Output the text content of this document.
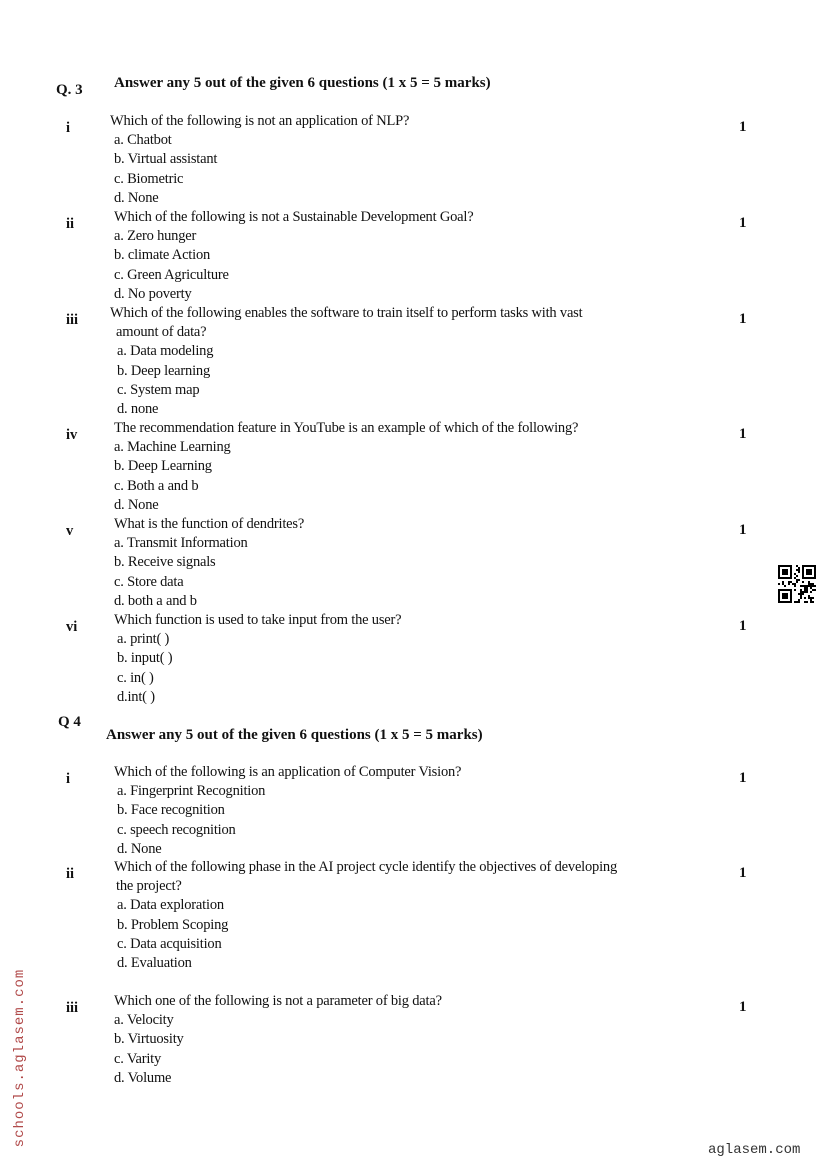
Q. 3 Answer any 5 out of the given 6 questions (1 x 5 = 5 marks)
i	1
Which of the following is not an application of NLP?
a. Chatbot
b. Virtual assistant
c. Biometric
d. None
ii	1
Which of the following is not a Sustainable Development Goal?
a. Zero hunger
b. climate Action
c. Green Agriculture
d. No poverty
iii	1
Which of the following enables the software to train itself to perform tasks with vast
amount of data?
a. Data modeling
b. Deep learning
c. System map
d. none
iv	1
The recommendation feature in YouTube is an example of which of the following?
a. Machine Learning
b. Deep Learning
c. Both a and b
d. None
v	1
What is the function of dendrites?
a. Transmit Information
b. Receive signals
c. Store data
d. both a and b
vi	1
Which function is used to take input from the user?
a. print( )
b. input( )
c. in( )
d.int( )
Q 4
Answer any 5 out of the given 6 questions (1 x 5 = 5 marks)
i	1
Which of the following is an application of Computer Vision?
a. Fingerprint Recognition
b. Face recognition
c. speech recognition
d. None
ii	1
Which of the following phase in the AI project cycle identify the objectives of developing
the project?
a. Data exploration
b. Problem Scoping
c. Data acquisition
d. Evaluation
iii	1
Which one of the following is not a parameter of big data?
a. Velocity
b. Virtuosity
c. Varity
d. Volume
schools.aglasem.com
aglasem.com
